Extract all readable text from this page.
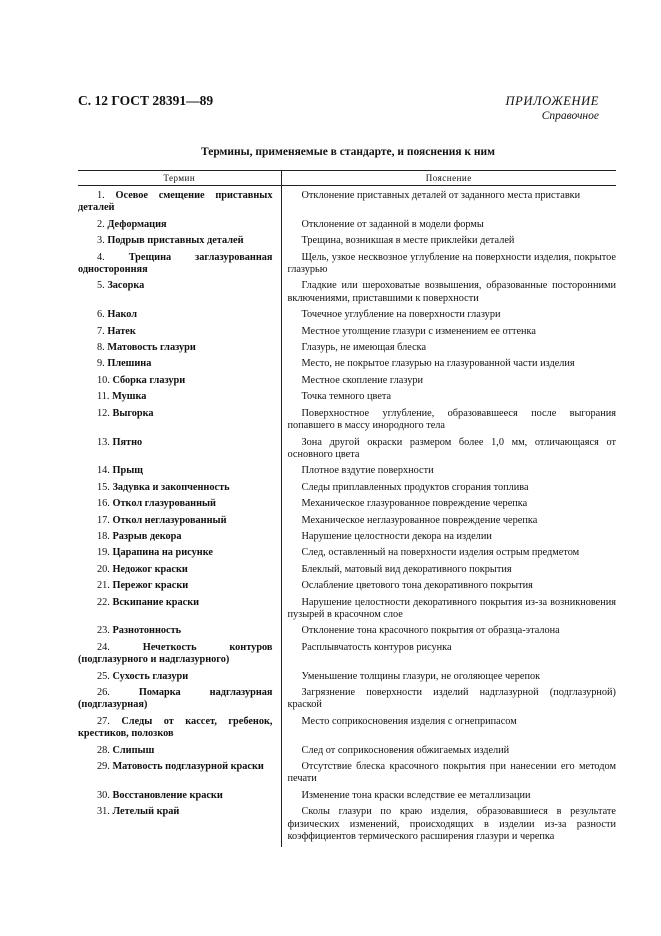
С. 12 ГОСТ 28391—89	ПРИЛОЖЕНИЕ
Справочное
Термины, применяемые в стандарте, и пояснения к ним
Термин	Пояснение
1. Осевое смещение приставных деталей	Отклонение приставных деталей от заданного места приставки
2. Деформация	Отклонение от заданной в модели формы
3. Подрыв приставных деталей	Трещина, возникшая в месте приклейки деталей
4. Трещина заглазурованная односторонняя	Щель, узкое несквозное углубление на поверхности изделия, покрытое глазурью
5. Засорка	Гладкие или шероховатые возвышения, образованные посторонними включениями, приставшими к поверхности
6. Накол	Точечное углубление на поверхности глазури
7. Натек	Местное утолщение глазури с изменением ее оттенка
8. Матовость глазури	Глазурь, не имеющая блеска
9. Плешина	Место, не покрытое глазурью на глазурованной части изделия
10. Сборка глазури	Местное скопление глазури
11. Мушка	Точка темного цвета
12. Выгорка	Поверхностное углубление, образовавшееся после выгорания попавшего в массу инородного тела
13. Пятно	Зона другой окраски размером более 1,0 мм, отличающаяся от основного цвета
14. Прыщ	Плотное вздутие поверхности
15. Задувка и закопченность	Следы приплавленных продуктов сгорания топлива
16. Откол глазурованный	Механическое глазурованное повреждение черепка
17. Откол неглазурованный	Механическое неглазурованное повреждение черепка
18. Разрыв декора	Нарушение целостности декора на изделии
19. Царапина на рисунке	След, оставленный на поверхности изделия острым предметом
20. Недожог краски	Блеклый, матовый вид декоративного покрытия
21. Пережог краски	Ослабление цветового тона декоративного покрытия
22. Вскипание краски	Нарушение целостности декоративного покрытия из-за возникновения пузырей в красочном слое
23. Разнотонность	Отклонение тона красочного покрытия от образца-эталона
24. Нечеткость контуров (подглазурного и надглазурного)	Расплывчатость контуров рисунка
25. Сухость глазури	Уменьшение толщины глазури, не оголяющее черепок
26. Помарка надглазурная (подглазурная)	Загрязнение поверхности изделий надглазурной (подглазурной) краской
27. Следы от кассет, гребенок, крестиков, полозков	Место соприкосновения изделия с огнеприпасом
28. Слипыш	След от соприкосновения обжигаемых изделий
29. Матовость подглазурной краски	Отсутствие блеска красочного покрытия при нанесении его методом печати
30. Восстановление краски	Изменение тона краски вследствие ее металлизации
31. Летелый край	Сколы глазури по краю изделия, образовавшиеся в результате физических изменений, происходящих в изделии из-за разности коэффициентов термического расширения глазури и черепка
